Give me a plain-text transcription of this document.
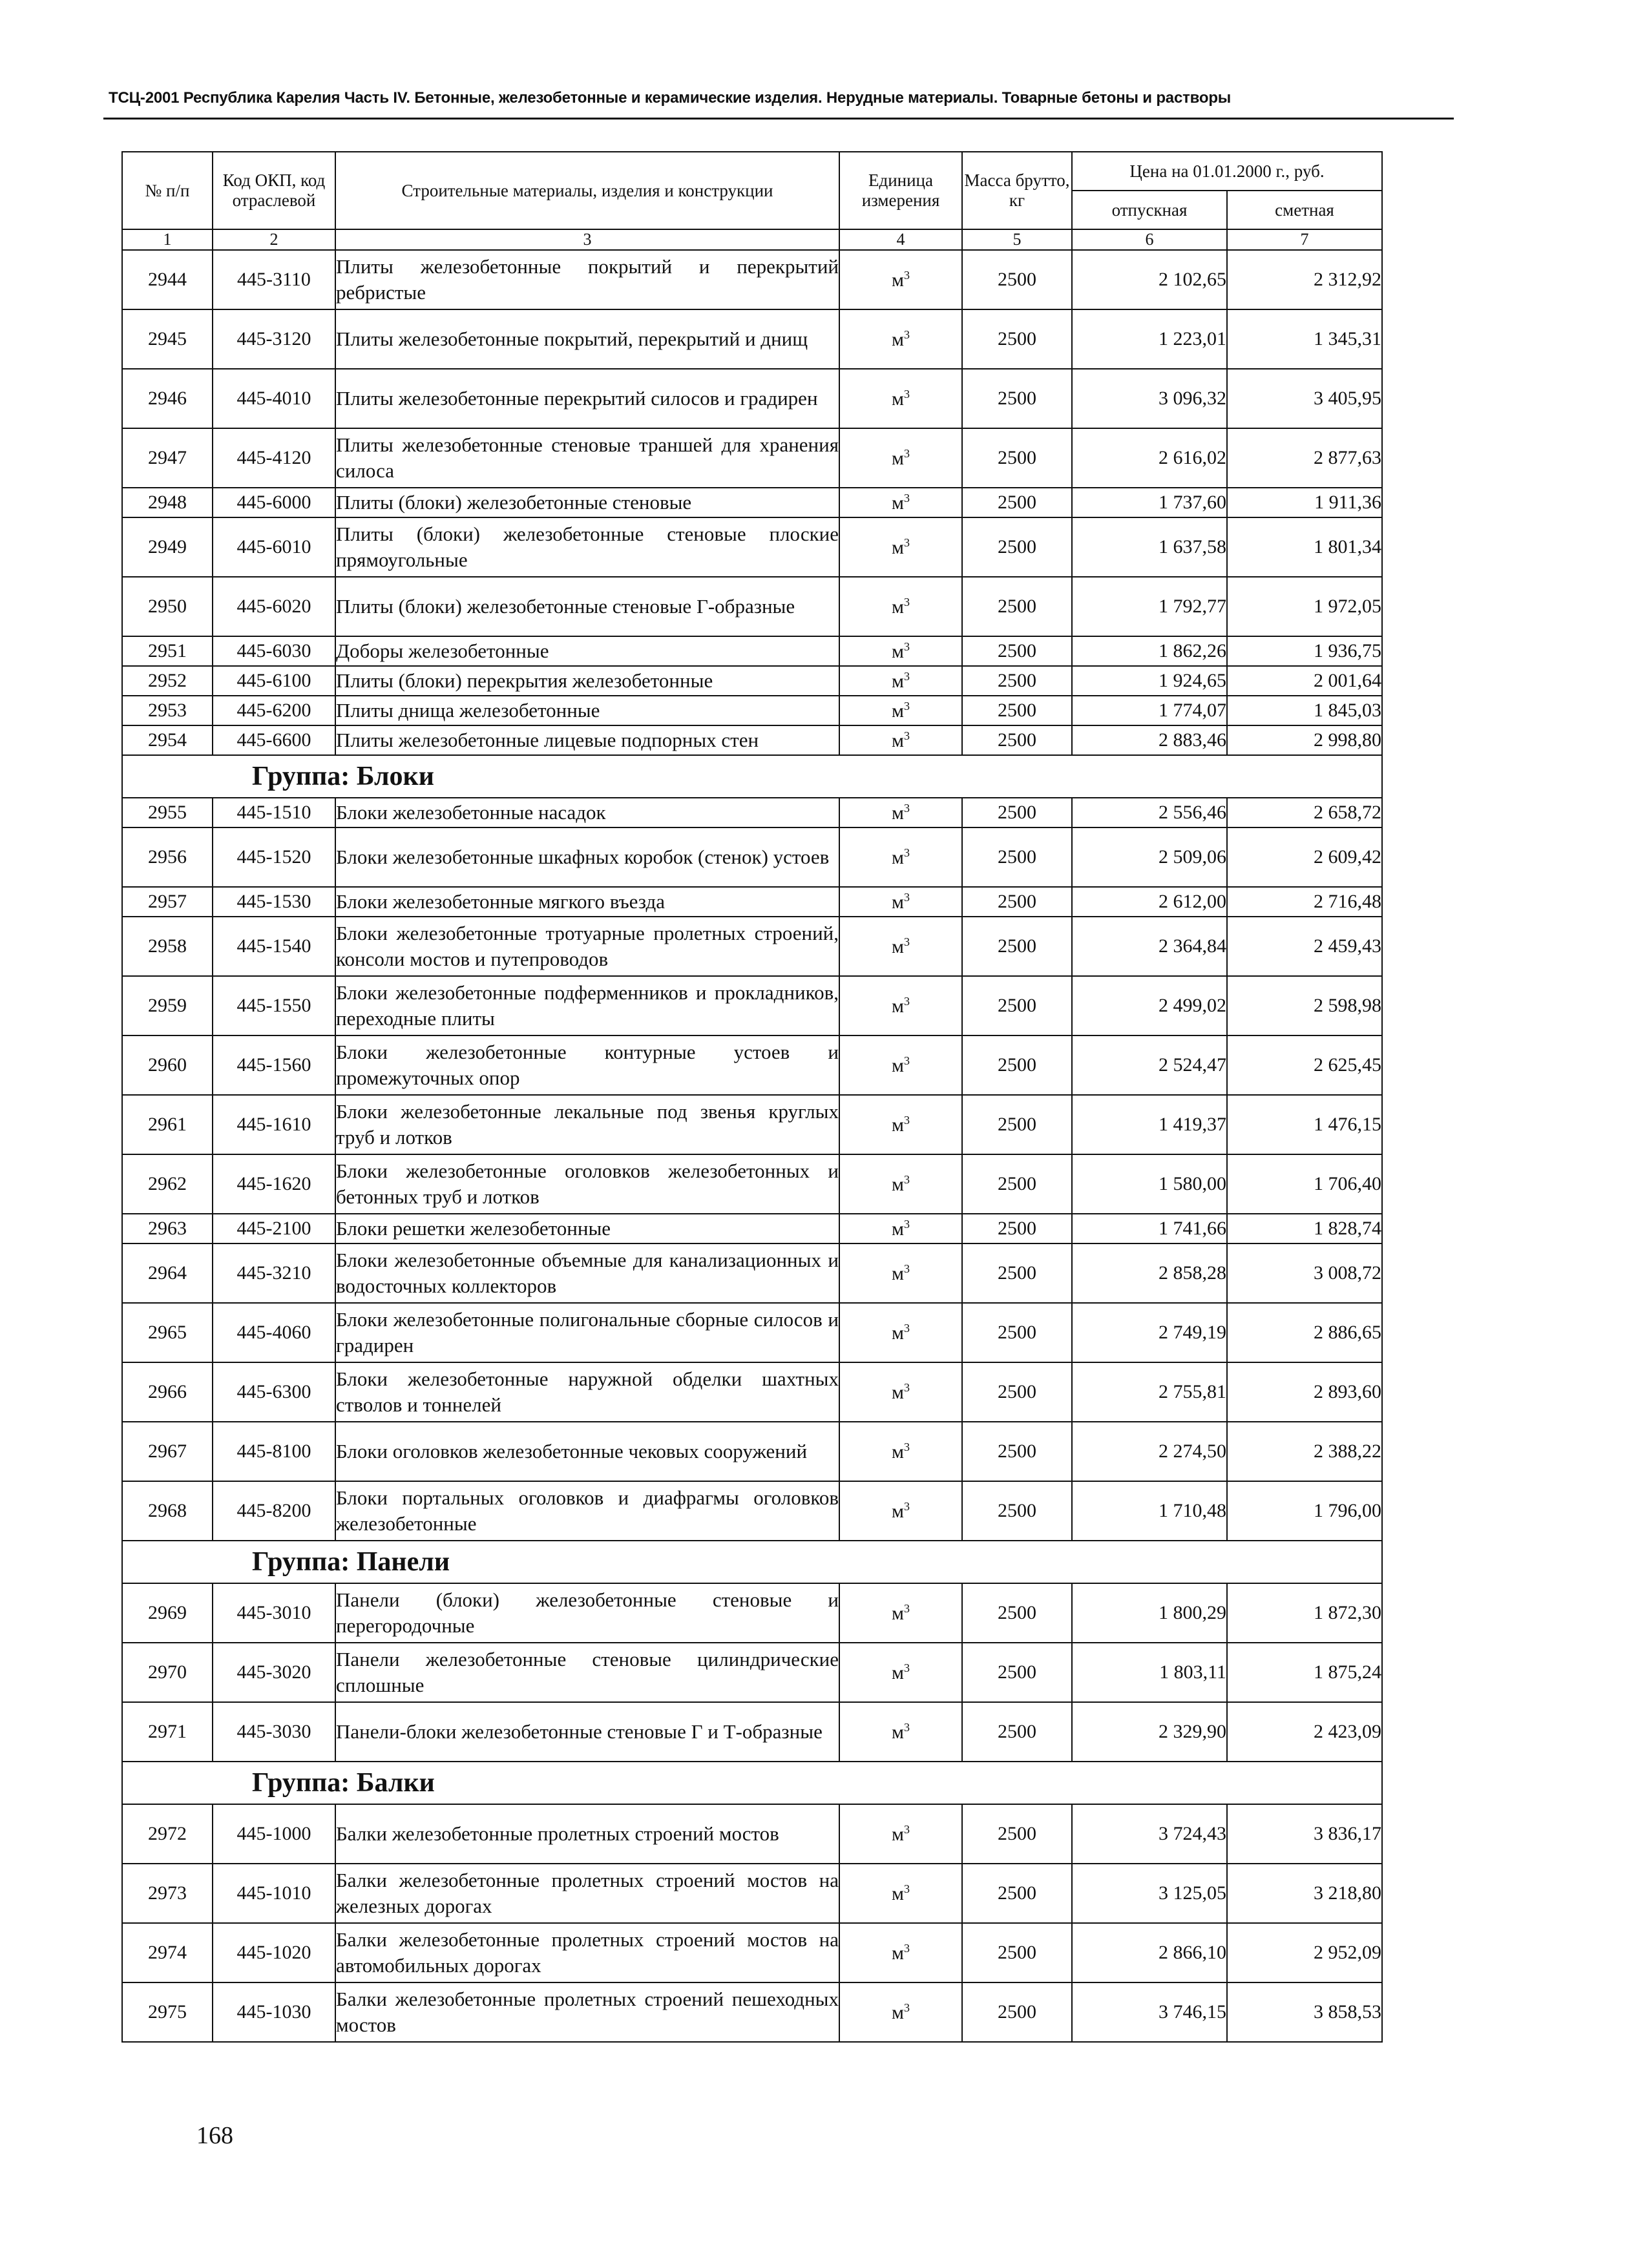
ТСЦ-2001 Республика Карелия Часть IV. Бетонные, железобетонные и керамические изделия. Нерудные материалы. Товарные бетоны и растворы
№ п/п	Код ОКП, код отраслевой	Строительные материалы, изделия и конструкции	Единица измерения	Масса брутто, кг	Цена на 01.01.2000 г., руб.	
					отпускная	сметная
1	2	3	4	5	6	7
2944	445-3110	Плиты железобетонные покрытий и перекрытий ребристые	$м^3$	2500	2 102,65	2 312,92
2945	445-3120	Плиты железобетонные покрытий, перекрытий и днищ	$м^3$	2500	1 223,01	1 345,31
2946	445-4010	Плиты железобетонные перекрытий силосов и градирен	$м^3$	2500	3 096,32	3 405,95
2947	445-4120	Плиты железобетонные стеновые траншей для хранения силоса	$м^3$	2500	2 616,02	2 877,63
2948	445-6000	Плиты (блоки) железобетонные стеновые	$м^3$	2500	1 737,60	1 911,36
2949	445-6010	Плиты (блоки) железобетонные стеновые плоские прямоугольные	$м^3$	2500	1 637,58	1 801,34
2950	445-6020	Плиты (блоки) железобетонные стеновые Г-образные	$м^3$	2500	1 792,77	1 972,05
2951	445-6030	Доборы железобетонные	$м^3$	2500	1 862,26	1 936,75
2952	445-6100	Плиты (блоки) перекрытия железобетонные	$м^3$	2500	1 924,65	2 001,64
2953	445-6200	Плиты днища железобетонные	$м^3$	2500	1 774,07	1 845,03
2954	445-6600	Плиты железобетонные лицевые подпорных стен	$м^3$	2500	2 883,46	2 998,80
Группа: Блоки						
2955	445-1510	Блоки железобетонные насадок	$м^3$	2500	2 556,46	2 658,72
2956	445-1520	Блоки железобетонные шкафных коробок (стенок) устоев	$м^3$	2500	2 509,06	2 609,42
2957	445-1530	Блоки железобетонные мягкого въезда	$м^3$	2500	2 612,00	2 716,48
2958	445-1540	Блоки железобетонные тротуарные пролетных строений, консоли мостов и путепроводов	$м^3$	2500	2 364,84	2 459,43
2959	445-1550	Блоки железобетонные подферменников и прокладников, переходные плиты	$м^3$	2500	2 499,02	2 598,98
2960	445-1560	Блоки железобетонные контурные устоев и промежуточных опор	$м^3$	2500	2 524,47	2 625,45
2961	445-1610	Блоки железобетонные лекальные под звенья круглых труб и лотков	$м^3$	2500	1 419,37	1 476,15
2962	445-1620	Блоки железобетонные оголовков железобетонных и бетонных труб и лотков	$м^3$	2500	1 580,00	1 706,40
2963	445-2100	Блоки решетки железобетонные	$м^3$	2500	1 741,66	1 828,74
2964	445-3210	Блоки железобетонные объемные для канализационных и водосточных коллекторов	$м^3$	2500	2 858,28	3 008,72
2965	445-4060	Блоки железобетонные полигональные сборные силосов и градирен	$м^3$	2500	2 749,19	2 886,65
2966	445-6300	Блоки железобетонные наружной обделки шахтных стволов и тоннелей	$м^3$	2500	2 755,81	2 893,60
2967	445-8100	Блоки оголовков железобетонные чековых сооружений	$м^3$	2500	2 274,50	2 388,22
2968	445-8200	Блоки портальных оголовков и диафрагмы оголовков железобетонные	$м^3$	2500	1 710,48	1 796,00
Группа: Панели						
2969	445-3010	Панели (блоки) железобетонные стеновые и перегородочные	$м^3$	2500	1 800,29	1 872,30
2970	445-3020	Панели железобетонные стеновые цилиндрические сплошные	$м^3$	2500	1 803,11	1 875,24
2971	445-3030	Панели-блоки железобетонные стеновые Г и Т-образные	$м^3$	2500	2 329,90	2 423,09
Группа: Балки						
2972	445-1000	Балки железобетонные пролетных строений мостов	$м^3$	2500	3 724,43	3 836,17
2973	445-1010	Балки железобетонные пролетных строений мостов на железных дорогах	$м^3$	2500	3 125,05	3 218,80
2974	445-1020	Балки железобетонные пролетных строений мостов на автомобильных дорогах	$м^3$	2500	2 866,10	2 952,09
2975	445-1030	Балки железобетонные пролетных строений пешеходных мостов	$м^3$	2500	3 746,15	3 858,53
168
